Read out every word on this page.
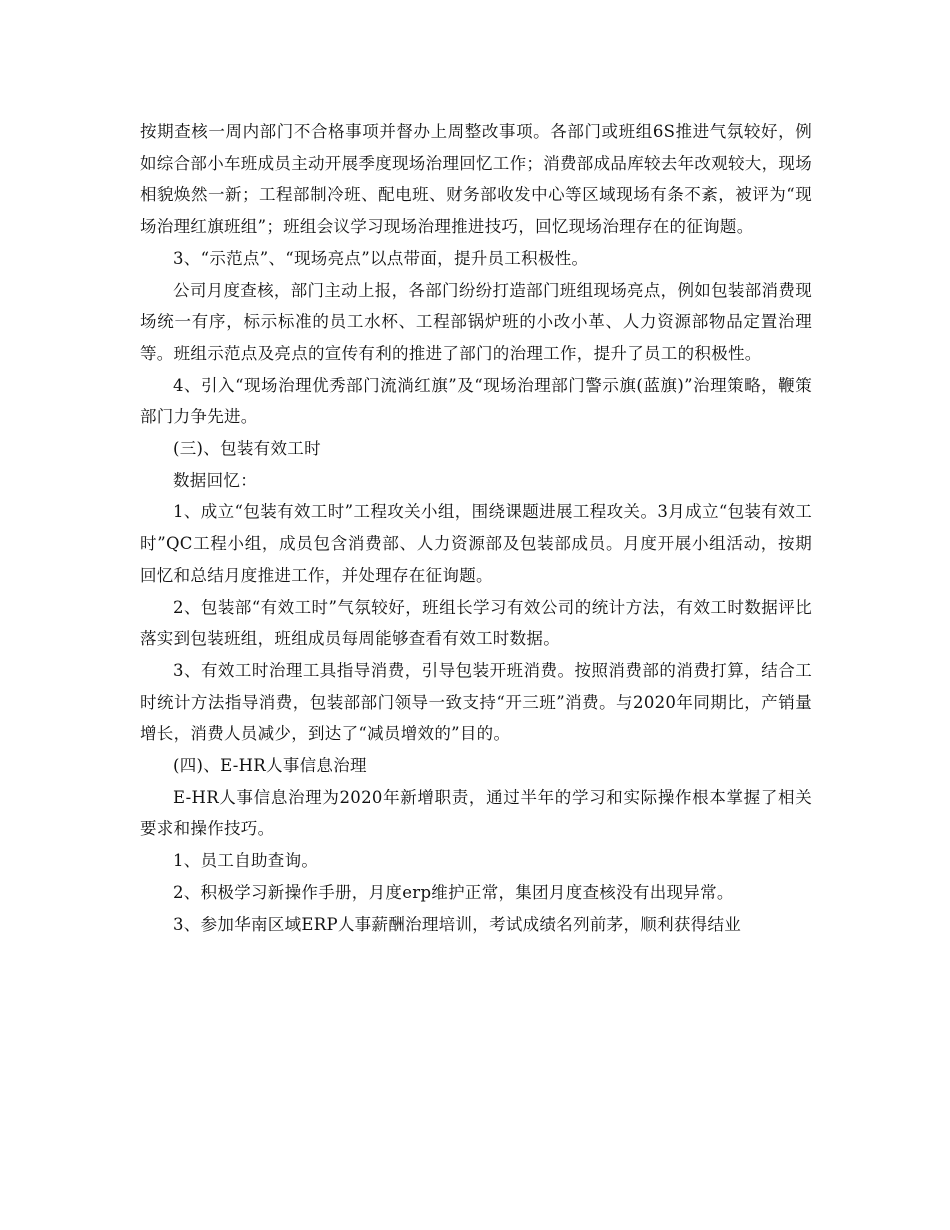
按期查核一周内部门不合格事项并督办上周整改事项。各部门或班组6S推进气氛较好，例如综合部小车班成员主动开展季度现场治理回忆工作；消费部成品库较去年改观较大，现场相貌焕然一新；工程部制冷班、配电班、财务部收发中心等区域现场有条不紊，被评为“现场治理红旗班组”；班组会议学习现场治理推进技巧，回忆现场治理存在的征询题。

3、“示范点”、“现场亮点”以点带面，提升员工积极性。

公司月度查核，部门主动上报，各部门纷纷打造部门班组现场亮点，例如包装部消费现场统一有序，标示标准的员工水杯、工程部锅炉班的小改小革、人力资源部物品定置治理等。班组示范点及亮点的宣传有利的推进了部门的治理工作，提升了员工的积极性。

4、引入“现场治理优秀部门流淌红旗”及“现场治理部门警示旗(蓝旗)”治理策略，鞭策部门力争先进。

(三)、包装有效工时

数据回忆：

1、成立“包装有效工时”工程攻关小组，围绕课题进展工程攻关。3月成立“包装有效工时”QC工程小组，成员包含消费部、人力资源部及包装部成员。月度开展小组活动，按期回忆和总结月度推进工作，并处理存在征询题。

2、包装部“有效工时”气氛较好，班组长学习有效公司的统计方法，有效工时数据评比落实到包装班组，班组成员每周能够查看有效工时数据。

3、有效工时治理工具指导消费，引导包装开班消费。按照消费部的消费打算，结合工时统计方法指导消费，包装部部门领导一致支持“开三班”消费。与2020年同期比，产销量增长，消费人员减少，到达了“减员增效的”目的。

(四)、E-HR人事信息治理

E-HR人事信息治理为2020年新增职责，通过半年的学习和实际操作根本掌握了相关要求和操作技巧。

1、员工自助查询。

2、积极学习新操作手册，月度erp维护正常，集团月度查核没有出现异常。

3、参加华南区域ERP人事薪酬治理培训，考试成绩名列前茅，顺利获得结业
